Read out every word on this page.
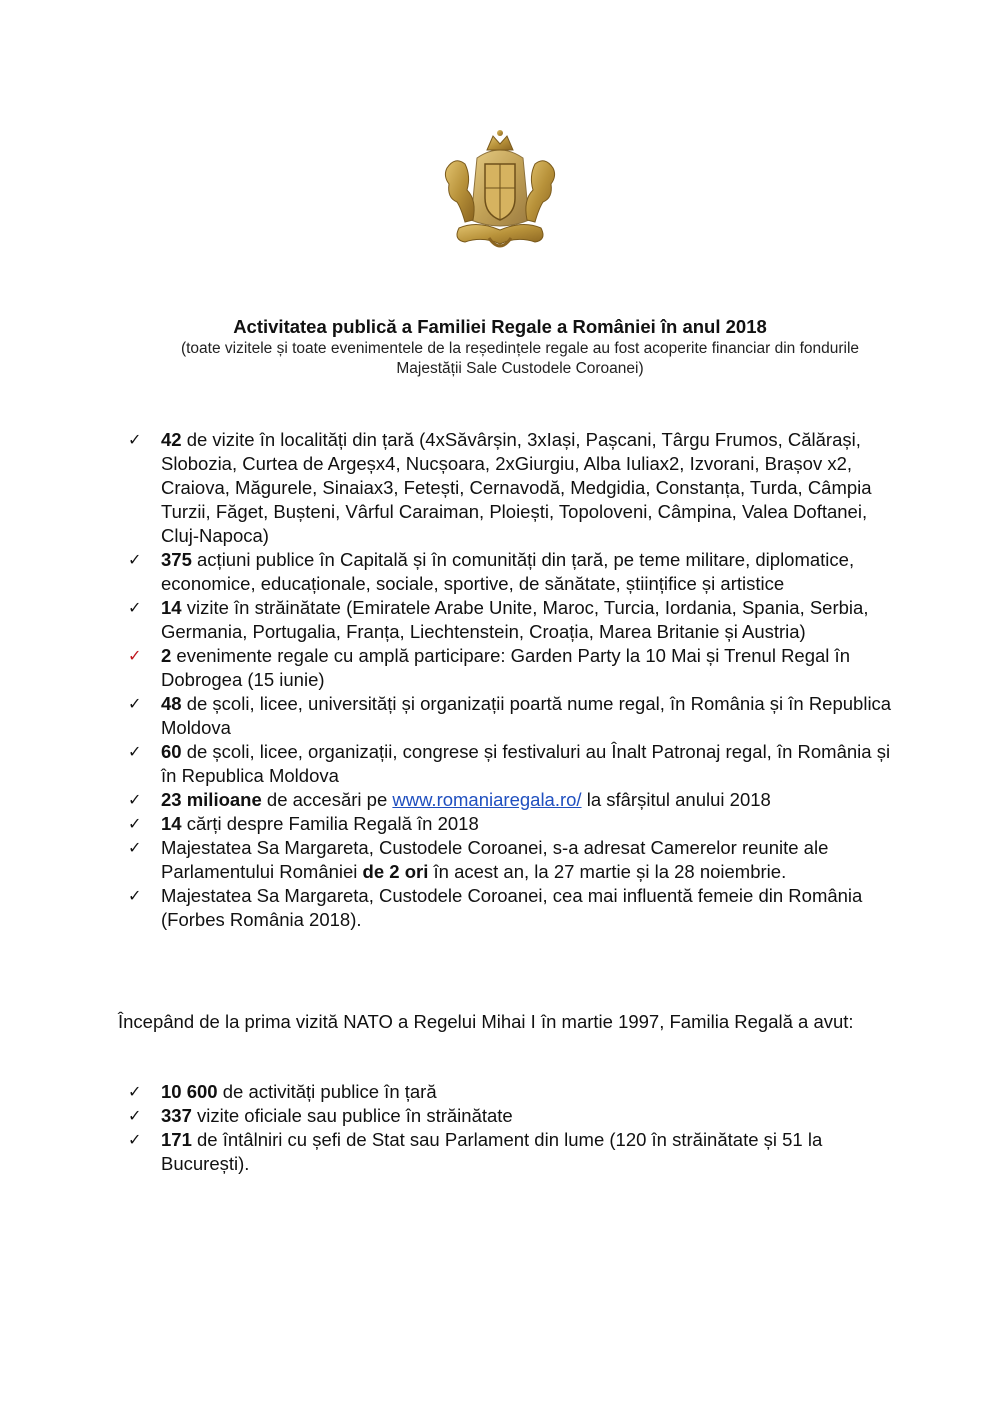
Activitatea publică a Familiei Regale a României în anul 2018
(toate vizitele și toate evenimentele de la reședințele regale au fost acoperite financiar din fondurile Majestății Sale Custodele Coroanei)
✓	42 de vizite în localități din țară (4xSăvârșin, 3xIași, Pașcani, Târgu Frumos, Călărași, Slobozia, Curtea de Argeșx4, Nucșoara, 2xGiurgiu, Alba Iuliax2, Izvorani, Brașov x2, Craiova, Măgurele, Sinaiax3, Fetești, Cernavodă, Medgidia, Constanța, Turda, Câmpia Turzii, Făget, Bușteni, Vârful Caraiman, Ploiești, Topoloveni, Câmpina, Valea Doftanei, Cluj-Napoca)
✓	375 acțiuni publice în Capitală și în comunități din țară, pe teme militare, diplomatice, economice, educaționale, sociale, sportive, de sănătate, științifice și artistice
✓	14 vizite în străinătate (Emiratele Arabe Unite, Maroc, Turcia, Iordania, Spania, Serbia, Germania, Portugalia, Franța, Liechtenstein, Croația, Marea Britanie și Austria)
✓	2 evenimente regale cu amplă participare: Garden Party la 10 Mai și Trenul Regal în Dobrogea (15 iunie)
✓	48 de școli, licee, universități și organizații poartă nume regal, în România și în Republica Moldova
✓	60 de școli, licee, organizații, congrese și festivaluri au Înalt Patronaj regal, în România și în Republica Moldova
✓	23 milioane de accesări pe www.romaniaregala.ro/ la sfârșitul anului 2018
✓	14 cărți despre Familia Regală în 2018
✓	Majestatea Sa Margareta, Custodele Coroanei, s-a adresat Camerelor reunite ale Parlamentului României de 2 ori în acest an, la 27 martie și la 28 noiembrie.
✓	Majestatea Sa Margareta, Custodele Coroanei, cea mai influentă femeie din România (Forbes România 2018).
Începând de la prima vizită NATO a Regelui Mihai I în martie 1997, Familia Regală a avut:
✓	10 600 de activități publice în țară
✓	337 vizite oficiale sau publice în străinătate
✓	171 de întâlniri cu șefi de Stat sau Parlament din lume (120 în străinătate și 51 la București).
